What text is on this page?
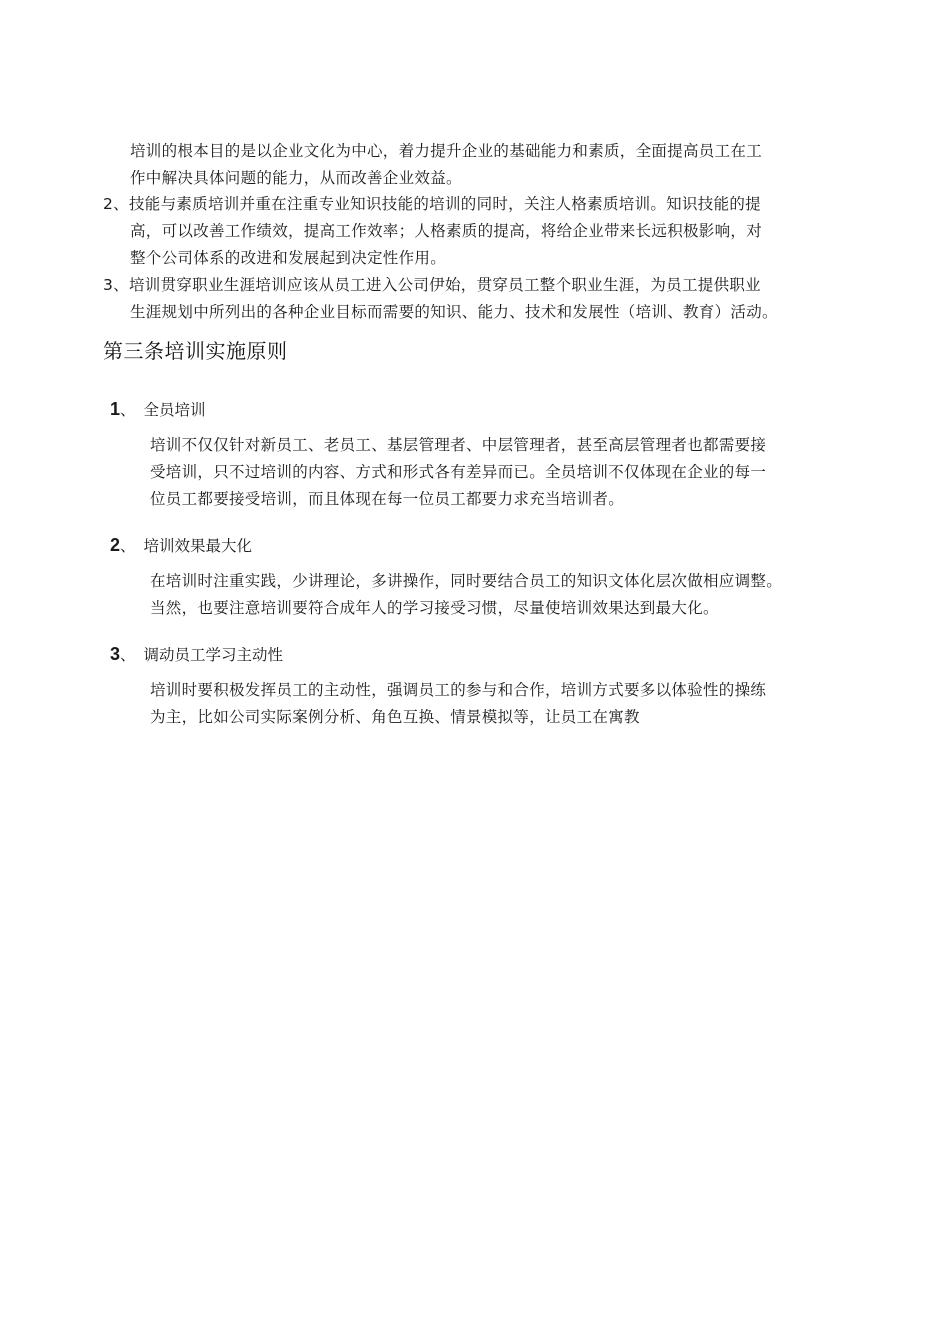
培训的根本目的是以企业文化为中心，着力提升企业的基础能力和素质，全面提高员工在工
作中解决具体问题的能力，从而改善企业效益。
2、技能与素质培训并重在注重专业知识技能的培训的同时，关注人格素质培训。知识技能的提
高，可以改善工作绩效，提高工作效率；人格素质的提高，将给企业带来长远积极影响，对
整个公司体系的改进和发展起到决定性作用。
3、培训贯穿职业生涯培训应该从员工进入公司伊始，贯穿员工整个职业生涯，为员工提供职业
生涯规划中所列出的各种企业目标而需要的知识、能力、技术和发展性（培训、教育）活动。
第三条培训实施原则
1、 全员培训
培训不仅仅针对新员工、老员工、基层管理者、中层管理者，甚至高层管理者也都需要接
受培训，只不过培训的内容、方式和形式各有差异而已。全员培训不仅体现在企业的每一
位员工都要接受培训，而且体现在每一位员工都要力求充当培训者。
2、 培训效果最大化
在培训时注重实践，少讲理论，多讲操作，同时要结合员工的知识文体化层次做相应调整。
当然，也要注意培训要符合成年人的学习接受习惯，尽量使培训效果达到最大化。
3、 调动员工学习主动性
培训时要积极发挥员工的主动性，强调员工的参与和合作，培训方式要多以体验性的操练
为主，比如公司实际案例分析、角色互换、情景模拟等，让员工在寓教
